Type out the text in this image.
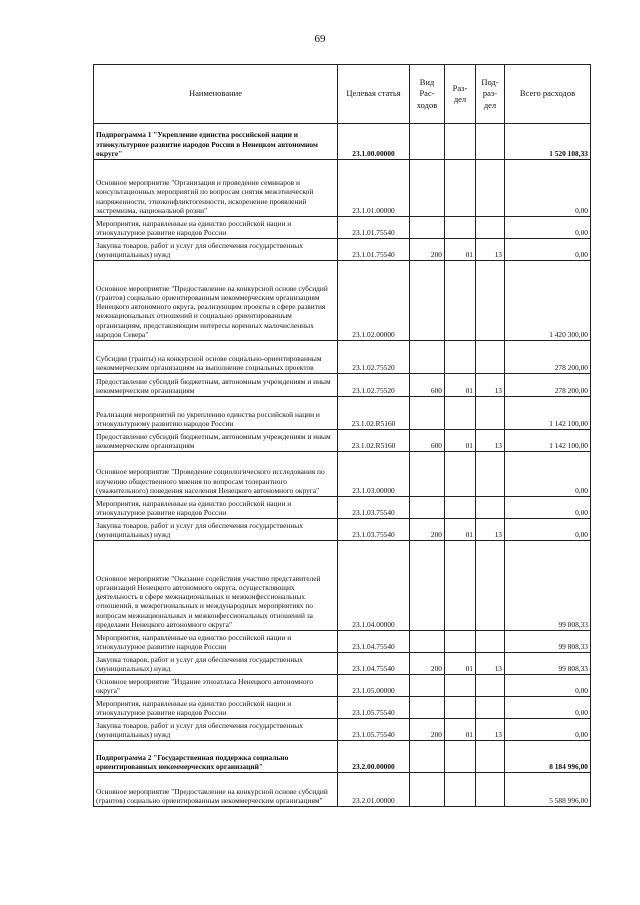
69
Наименование	Целевая статья	Вид Рас-ходов	Раз-дел	Под-раз-дел	Всего расходов
Подпрограмма 1 "Укрепление единства российской нации и этнокультурное развитие народов России в Ненецком автономном округе"	23.1.00.00000				1 520 108,33
Основное мероприятие "Организация и проведение семинаров и консультационных мероприятий по вопросам снятия межэтнической напряженности, этноконфликтогенности, искоренение проявлений экстремизма, национальной розни"	23.1.01.00000				0,00
Мероприятия, направленные на единство российской нации и этнокультурное развитие народов России	23.1.01.75540				0,00
Закупка товаров, работ и услуг для обеспечения государственных (муниципальных) нужд	23.1.01.75540	200	01	13	0,00
Основное мероприятие "Предоставление на конкурсной основе субсидий (грантов) социально ориентированным некоммерческим организациям Ненецкого автономного округа, реализующим проекты в сфере развития межнациональных отношений и социально ориентированным организациям, представляющим интересы коренных малочисленных народов Севера"	23.1.02.00000				1 420 300,00
Субсидии (гранты) на конкурсной основе социально-ориентированным некоммерческим организациям на выполнение социальных проектов	23.1.02.75520				278 200,00
Предоставление субсидий бюджетным, автономным учреждениям и иным некоммерческим организациям	23.1.02.75520	600	01	13	278 200,00
Реализация мероприятий по укреплению единства российской нации и этнокультурному развитию народов России	23.1.02.R5160				1 142 100,00
Предоставление субсидий бюджетным, автономным учреждениям и иным некоммерческим организациям	23.1.02.R5160	600	01	13	1 142 100,00
Основное мероприятие "Проведение социологического исследования по изучению общественного мнения по вопросам толерантного (уважительного) поведения населения Ненецкого автономного округа"	23.1.03.00000				0,00
Мероприятия, направленные на единство российской нации и этнокультурное развитие народов России	23.1.03.75540				0,00
Закупка товаров, работ и услуг для обеспечения государственных (муниципальных) нужд	23.1.03.75540	200	01	13	0,00
Основное мероприятие "Оказание содействия участию представителей организаций Ненецкого автономного округа, осуществляющих деятельность в сфере межнациональных и межконфессиональных отношений, в межрегиональных и международных мероприятиях по вопросам межнациональных и межконфессиональных отношений за пределами Ненецкого автономного округа"	23.1.04.00000				99 808,33
Мероприятия, направленные на единство российской нации и этнокультурное развитие народов России	23.1.04.75540				99 808,33
Закупка товаров, работ и услуг для обеспечения государственных (муниципальных) нужд	23.1.04.75540	200	01	13	99 808,33
Основное мероприятие "Издание этноатласа Ненецкого автономного округа"	23.1.05.00000				0,00
Мероприятия, направленные на единство российской нации и этнокультурное развитие народов России	23.1.05.75540				0,00
Закупка товаров, работ и услуг для обеспечения государственных (муниципальных) нужд	23.1.05.75540	200	01	13	0,00
Подпрограмма 2 "Государственная поддержка социально ориентированных некоммерческих организаций"	23.2.00.00000				8 184 996,00
Основное мероприятие "Предоставление на конкурсной основе субсидий (грантов) социально ориентированным некоммерческим организациям"	23.2.01.00000				5 588 996,00
